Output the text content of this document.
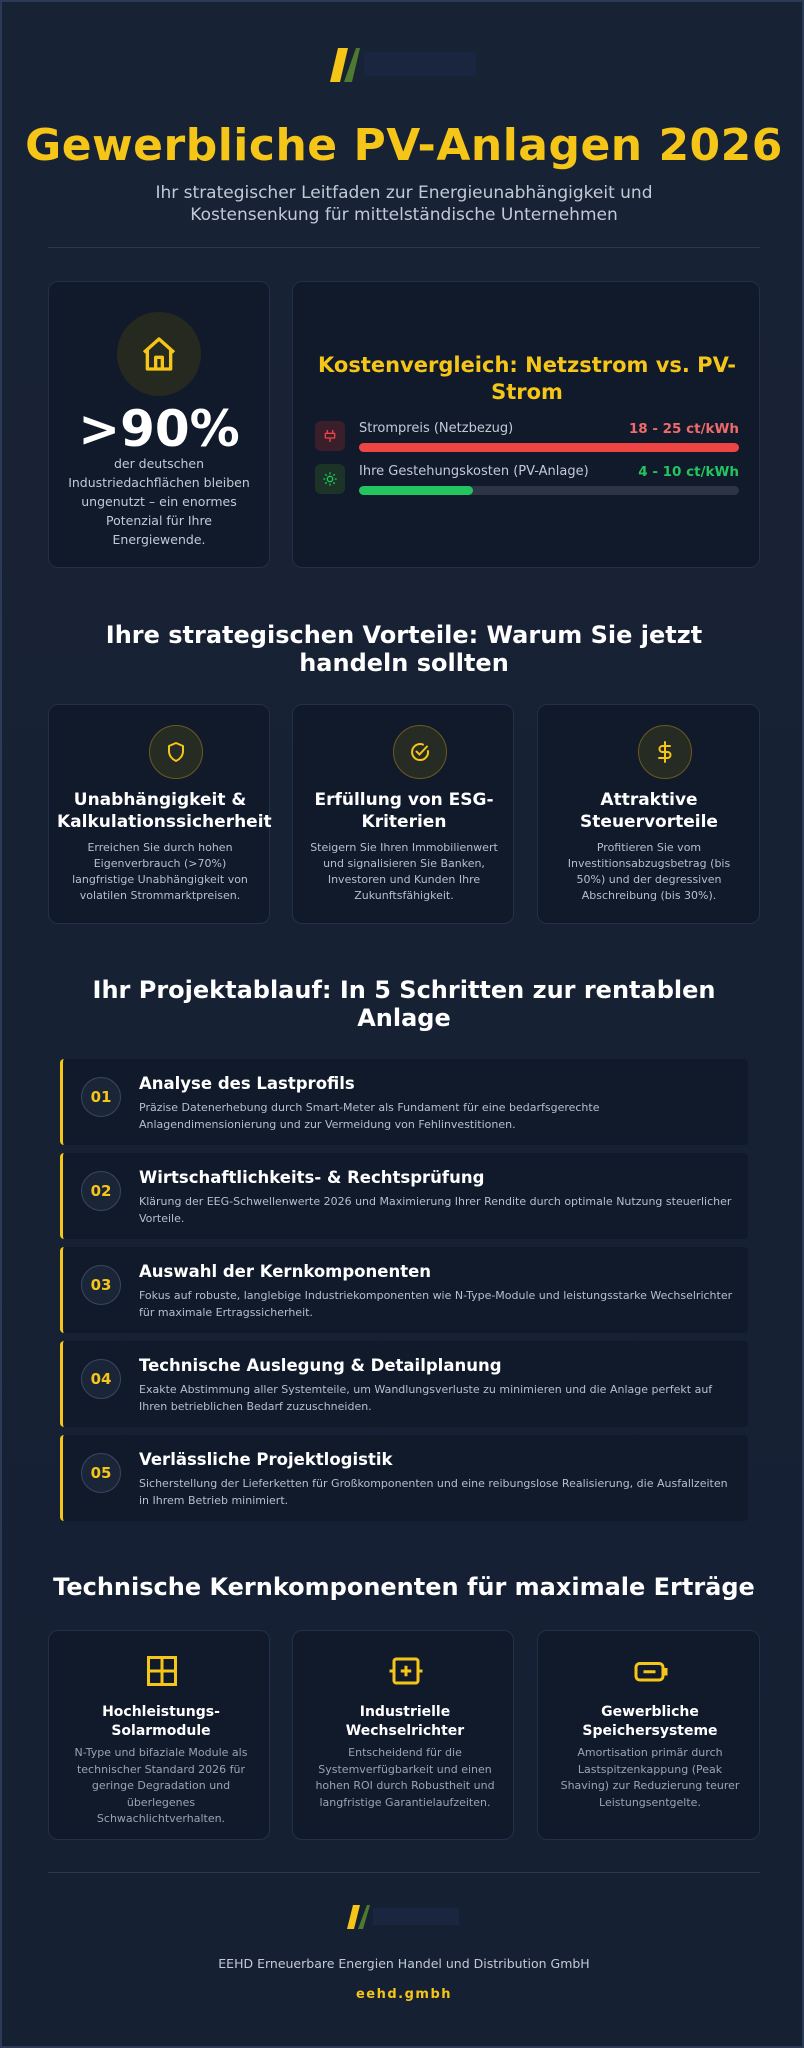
Gewerbliche PV-Anlagen 2026
Ihr strategischer Leitfaden zur Energieunabhängigkeit und Kostensenkung für mittelständische Unternehmen
>90%
der deutschen Industriedachflächen bleiben ungenutzt – ein enormes Potenzial für Ihre Energiewende.
Kostenvergleich: Netzstrom vs. PV-Strom
Strompreis (Netzbezug)	18 - 25 ct/kWh
Ihre Gestehungskosten (PV-Anlage)	4 - 10 ct/kWh
Ihre strategischen Vorteile: Warum Sie jetzt handeln sollten
Unabhängigkeit & Kalkulationssicherheit
Erreichen Sie durch hohen Eigenverbrauch (>70%) langfristige Unabhängigkeit von volatilen Strommarktpreisen.
Erfüllung von ESG-Kriterien
Steigern Sie Ihren Immobilienwert und signalisieren Sie Banken, Investoren und Kunden Ihre Zukunftsfähigkeit.
Attraktive Steuervorteile
Profitieren Sie vom Investitionsabzugsbetrag (bis 50%) und der degressiven Abschreibung (bis 30%).
Ihr Projektablauf: In 5 Schritten zur rentablen Anlage
01
Analyse des Lastprofils
Präzise Datenerhebung durch Smart-Meter als Fundament für eine bedarfsgerechte Anlagendimensionierung und zur Vermeidung von Fehlinvestitionen.
02
Wirtschaftlichkeits- & Rechtsprüfung
Klärung der EEG-Schwellenwerte 2026 und Maximierung Ihrer Rendite durch optimale Nutzung steuerlicher Vorteile.
03
Auswahl der Kernkomponenten
Fokus auf robuste, langlebige Industriekomponenten wie N-Type-Module und leistungsstarke Wechselrichter für maximale Ertragssicherheit.
04
Technische Auslegung & Detailplanung
Exakte Abstimmung aller Systemteile, um Wandlungsverluste zu minimieren und die Anlage perfekt auf Ihren betrieblichen Bedarf zuzuschneiden.
05
Verlässliche Projektlogistik
Sicherstellung der Lieferketten für Großkomponenten und eine reibungslose Realisierung, die Ausfallzeiten in Ihrem Betrieb minimiert.
Technische Kernkomponenten für maximale Erträge
Hochleistungs-Solarmodule
N-Type und bifaziale Module als technischer Standard 2026 für geringe Degradation und überlegenes Schwachlichtverhalten.
Industrielle Wechselrichter
Entscheidend für die Systemverfügbarkeit und einen hohen ROI durch Robustheit und langfristige Garantielaufzeiten.
Gewerbliche Speichersysteme
Amortisation primär durch Lastspitzenkappung (Peak Shaving) zur Reduzierung teurer Leistungsentgelte.
EEHD Erneuerbare Energien Handel und Distribution GmbH
eehd.gmbh
